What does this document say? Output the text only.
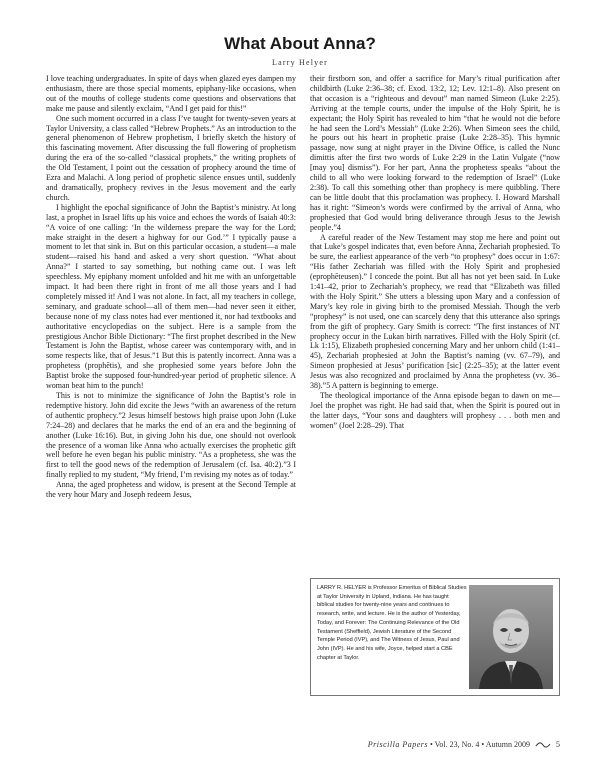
What About Anna?
Larry Helyer

I love teaching undergraduates. In spite of days when glazed eyes dampen my enthusiasm, there are those special moments, epiphany-like occasions, when out of the mouths of college students come questions and observations that make me pause and silently exclaim, “And I get paid for this!”

One such moment occurred in a class I’ve taught for twenty-seven years at Taylor University, a class called “Hebrew Prophets.” As an introduction to the general phenomenon of Hebrew prophetism, I briefly sketch the history of this fascinating movement. After discussing the full flowering of prophetism during the era of the so-called “classical prophets,” the writing prophets of the Old Testament, I point out the cessation of prophecy around the time of Ezra and Malachi. A long period of prophetic silence ensues until, suddenly and dramatically, prophecy revives in the Jesus movement and the early church.

I highlight the epochal significance of John the Baptist’s ministry. At long last, a prophet in Israel lifts up his voice and echoes the words of Isaiah 40:3: “A voice of one calling: ‘In the wilderness prepare the way for the Lord; make straight in the desert a highway for our God.’” I typically pause a moment to let that sink in. But on this particular occasion, a student—a male student—raised his hand and asked a very short question. “What about Anna?” I started to say something, but nothing came out. I was left speechless. My epiphany moment unfolded and hit me with an unforgettable impact. It had been there right in front of me all those years and I had completely missed it! And I was not alone. In fact, all my teachers in college, seminary, and graduate school—all of them men—had never seen it either, because none of my class notes had ever mentioned it, nor had textbooks and authoritative encyclopedias on the subject. Here is a sample from the prestigious Anchor Bible Dictionary: “The first prophet described in the New Testament is John the Baptist, whose career was contemporary with, and in some respects like, that of Jesus.”1 But this is patently incorrect. Anna was a prophetess (prophētis), and she prophesied some years before John the Baptist broke the supposed four-hundred-year period of prophetic silence. A woman beat him to the punch!

This is not to minimize the significance of John the Baptist’s role in redemptive history. John did excite the Jews “with an awareness of the return of authentic prophecy.”2 Jesus himself bestows high praise upon John (Luke 7:24–28) and declares that he marks the end of an era and the beginning of another (Luke 16:16). But, in giving John his due, one should not overlook the presence of a woman like Anna who actually exercises the prophetic gift well before he even began his public ministry. “As a prophetess, she was the first to tell the good news of the redemption of Jerusalem (cf. Isa. 40:2).”3 I finally replied to my student, “My friend, I’m revising my notes as of today.”

Anna, the aged prophetess and widow, is present at the Second Temple at the very hour Mary and Joseph redeem Jesus,

their firstborn son, and offer a sacrifice for Mary’s ritual purification after childbirth (Luke 2:36–38; cf. Exod. 13:2, 12; Lev. 12:1–8). Also present on that occasion is a “righteous and devout” man named Simeon (Luke 2:25). Arriving at the temple courts, under the impulse of the Holy Spirit, he is expectant; the Holy Spirit has revealed to him “that he would not die before he had seen the Lord’s Messiah” (Luke 2:26). When Simeon sees the child, he pours out his heart in prophetic praise (Luke 2:28–35). This hymnic passage, now sung at night prayer in the Divine Office, is called the Nunc dimittis after the first two words of Luke 2:29 in the Latin Vulgate (“now [may you] dismiss”). For her part, Anna the prophetess speaks “about the child to all who were looking forward to the redemption of Israel” (Luke 2:38). To call this something other than prophecy is mere quibbling. There can be little doubt that this proclamation was prophecy. I. Howard Marshall has it right: “Simeon’s words were confirmed by the arrival of Anna, who prophesied that God would bring deliverance through Jesus to the Jewish people.”4

A careful reader of the New Testament may stop me here and point out that Luke’s gospel indicates that, even before Anna, Zechariah prophesied. To be sure, the earliest appearance of the verb “to prophesy” does occur in 1:67: “His father Zechariah was filled with the Holy Spirit and prophesied (eprophēteusen).” I concede the point. But all has not yet been said. In Luke 1:41–42, prior to Zechariah’s prophecy, we read that “Elizabeth was filled with the Holy Spirit.” She utters a blessing upon Mary and a confession of Mary’s key role in giving birth to the promised Messiah. Though the verb “prophesy” is not used, one can scarcely deny that this utterance also springs from the gift of prophecy. Gary Smith is correct: “The first instances of NT prophecy occur in the Lukan birth narratives. Filled with the Holy Spirit (cf. Lk 1:15), Elizabeth prophesied concerning Mary and her unborn child (1:41–45), Zechariah prophesied at John the Baptist’s naming (vv. 67–79), and Simeon prophesied at Jesus’ purification [sic] (2:25–35); at the latter event Jesus was also recognized and proclaimed by Anna the prophetess (vv. 36–38).”5 A pattern is beginning to emerge.

The theological importance of the Anna episode began to dawn on me—Joel the prophet was right. He had said that, when the Spirit is poured out in the latter days, “Your sons and daughters will prophesy . . . both men and women” (Joel 2:28–29). That

LARRY R. HELYER is Professor Emeritus of Biblical Studies at Taylor University in Upland, Indiana. He has taught biblical studies for twenty-nine years and continues to research, write, and lecture. He is the author of Yesterday, Today, and Forever: The Continuing Relevance of the Old Testament (Sheffield), Jewish Literature of the Second Temple Period (IVP), and The Witness of Jesus, Paul and John (IVP). He and his wife, Joyce, helped start a CBE chapter at Taylor.
Priscilla Papers • Vol. 23, No. 4 • Autumn 2009	5
